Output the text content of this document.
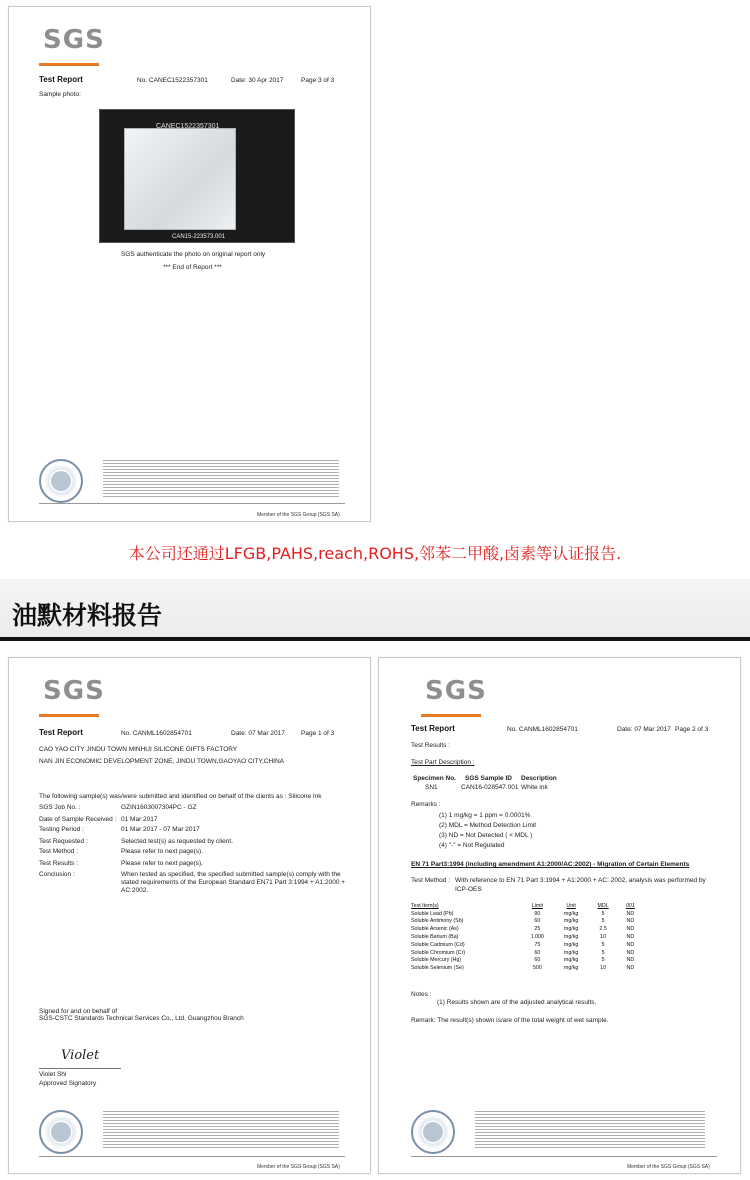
SGS
Test Report	No. CANEC1522357301	Date: 30 Apr 2017	Page 3 of 3
Sample photo:
CANEC1522357301
CAN15-223573.001
SGS authenticate the photo on original report only
*** End of Report ***
Member of the SGS Group (SGS SA)
本公司还通过LFGB,PAHS,reach,ROHS,邻苯二甲酸,卤素等认证报告.
油默材料报告
SGS
Test Report	No. CANML1602854701	Date: 07 Mar 2017 Page 1 of 3
CAO YAO CITY JINDU TOWN MINHUI SILICONE GIFTS FACTORY
NAN JIN ECONOMIC DEVELOPMENT ZONE, JINDU TOWN,GAOYAO CITY,CHINA
The following sample(s) was/were submitted and identified on behalf of the clients as : Silicone Ink
SGS Job No. :	GZIN1603007304PC - GZ
Date of Sample Received : 01 Mar 2017
Testing Period :	01 Mar 2017 - 07 Mar 2017
Test Requested :	Selected test(s) as requested by client.
Test Method :	Please refer to next page(s).
Test Results :	Please refer to next page(s).
Conclusion :	When tested as specified, the specified submitted sample(s) comply with the
stated requirements of the European Standard EN71 Part 3:1994 + A1:2000 +
AC:2002.
Signed for and on behalf of
SGS-CSTC Standards Technical Services Co., Ltd. Guangzhou Branch
Violet
Violet Shi
Approved Signatory
Member of the SGS Group (SGS SA)
SGS
Test Report	No. CANML1602854701	Date: 07 Mar 2017 Page 2 of 3
Test Results :
Test Part Description :
Specimen No. SGS Sample ID Description
SN1	CAN16-028547.001 White ink
Remarks :
(1) 1 mg/kg = 1 ppm = 0.0001%
(2) MDL = Method Detection Limit
(3) ND = Not Detected ( < MDL )
(4) "-" = Not Regulated
EN 71 Part3:1994 (including amendment A1:2000/AC:2002) - Migration of Certain Elements
Test Method : With reference to EN 71 Part 3:1994 + A1:2000 + AC: 2002, analysis was performed by
ICP-OES
Test Item(s)	Limit	Unit	MDL	001
Soluble Lead (Pb)	90	mg/kg	5	ND
Soluble Antimony (Sb)	60	mg/kg	5	ND
Soluble Arsenic (As)	25	mg/kg	2.5	ND
Soluble Barium (Ba)	1,000	mg/kg	10	ND
Soluble Cadmium (Cd)	75	mg/kg	5	ND
Soluble Chromium (Cr)	60	mg/kg	5	ND
Soluble Mercury (Hg)	60	mg/kg	5	ND
Soluble Selenium (Se)	500	mg/kg	10	ND
Notes :
(1) Results shown are of the adjusted analytical results.
Remark: The result(s) shown is/are of the total weight of wet sample.
Member of the SGS Group (SGS SA)
